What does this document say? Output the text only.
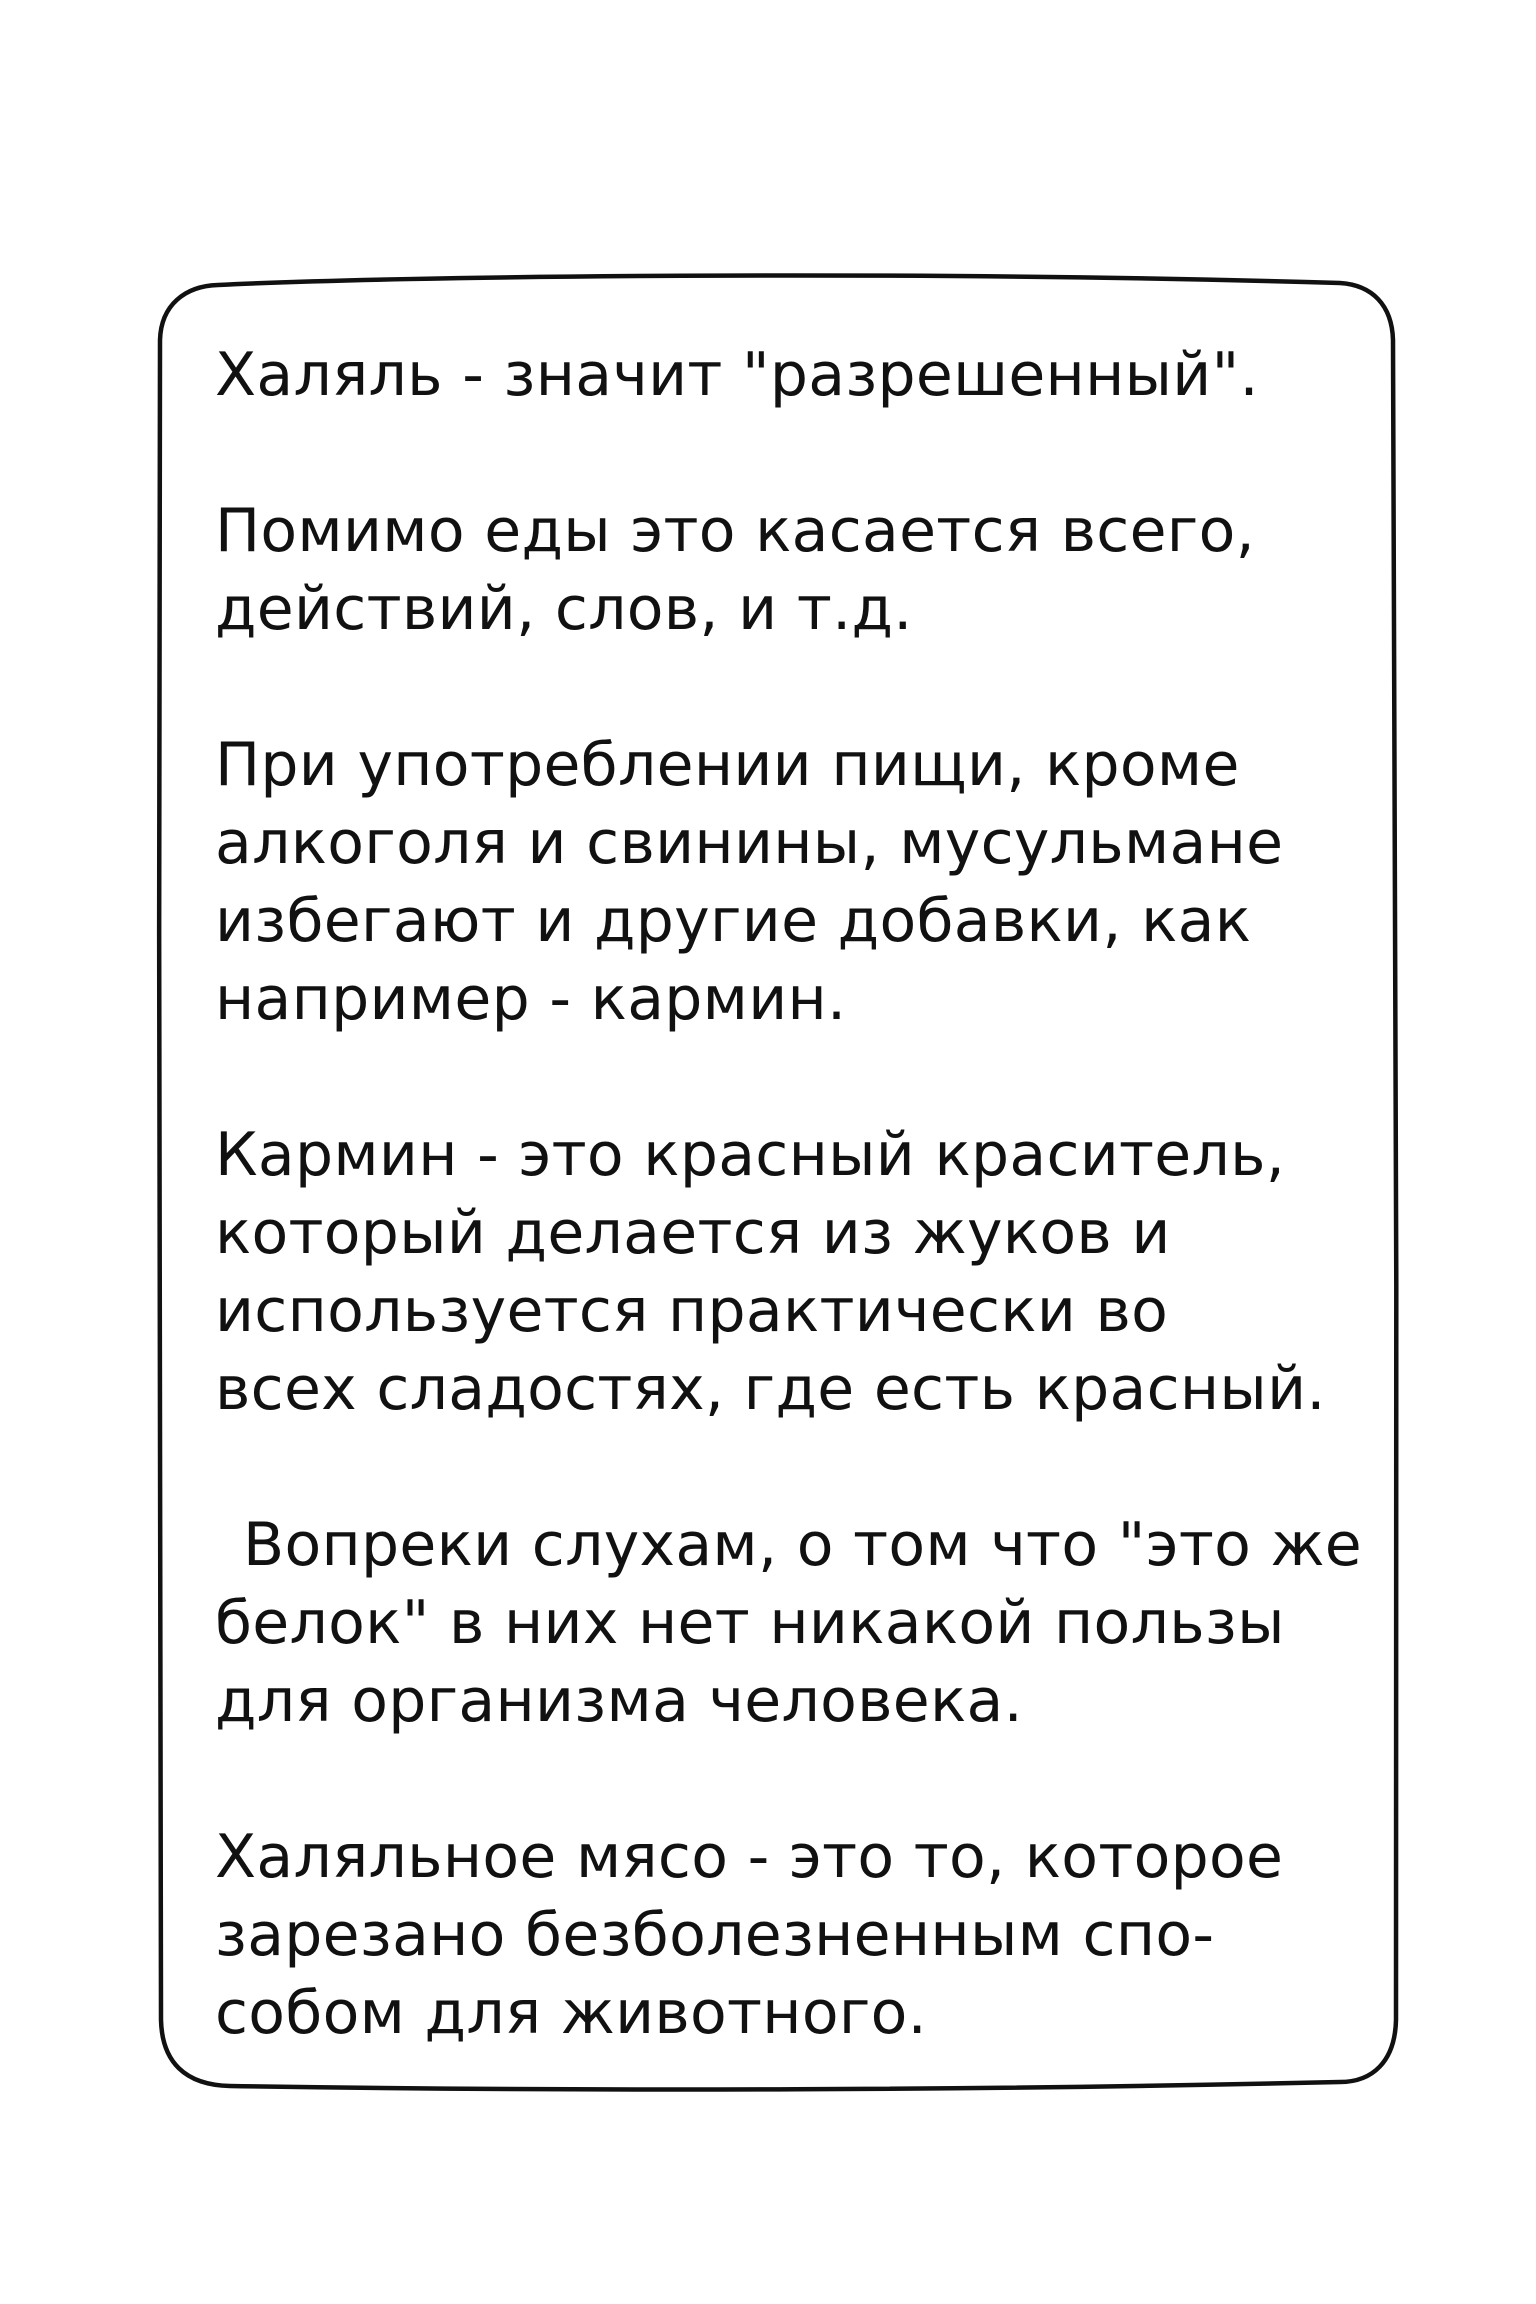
Халяль - значит "разрешенный".
Помимо еды это касается всего,
действий, слов, и т.д.
При употреблении пищи, кроме
алкоголя и свинины, мусульмане
избегают и другие добавки, как
например - кармин.
Кармин - это красный краситель,
который делается из жуков и
используется практически во
всех сладостях, где есть красный.
Вопреки слухам, о том что "это же
белок" в них нет никакой пользы
для организма человека.
Халяльное мясо - это то, которое
зарезано безболезненным спо-
собом для животного.
